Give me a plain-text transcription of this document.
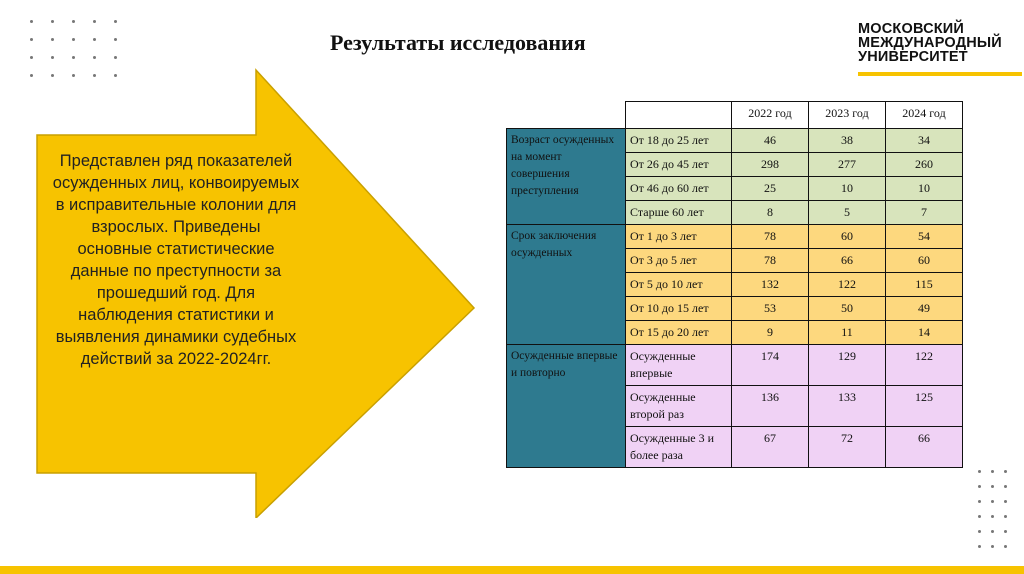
Результаты исследования
МОСКОВСКИЙ
МЕЖДУНАРОДНЫЙ
УНИВЕРСИТЕТ
Представлен ряд показателей осужденных лиц, конвоируемых в исправительные колонии для взрослых. Приведены основные статистические данные по преступности за прошедший год. Для наблюдения статистики и выявления динамики судебных действий за 2022-2024гг.
		2022 год	2023 год	2024 год
Возраст осужденных на момент совершения преступления	От 18 до 25 лет	46	38	34
	От 26 до 45 лет	298	277	260
	От 46 до 60 лет	25	10	10
	Старше 60 лет	8	5	7
Срок заключения осужденных	От 1 до 3 лет	78	60	54
	От 3 до 5 лет	78	66	60
	От 5 до 10 лет	132	122	115
	От 10 до 15 лет	53	50	49
	От 15 до 20 лет	9	11	14
Осужденные впервые и повторно	Осужденные впервые	174	129	122
	Осужденные второй раз	136	133	125
	Осужденные 3 и более раза	67	72	66
